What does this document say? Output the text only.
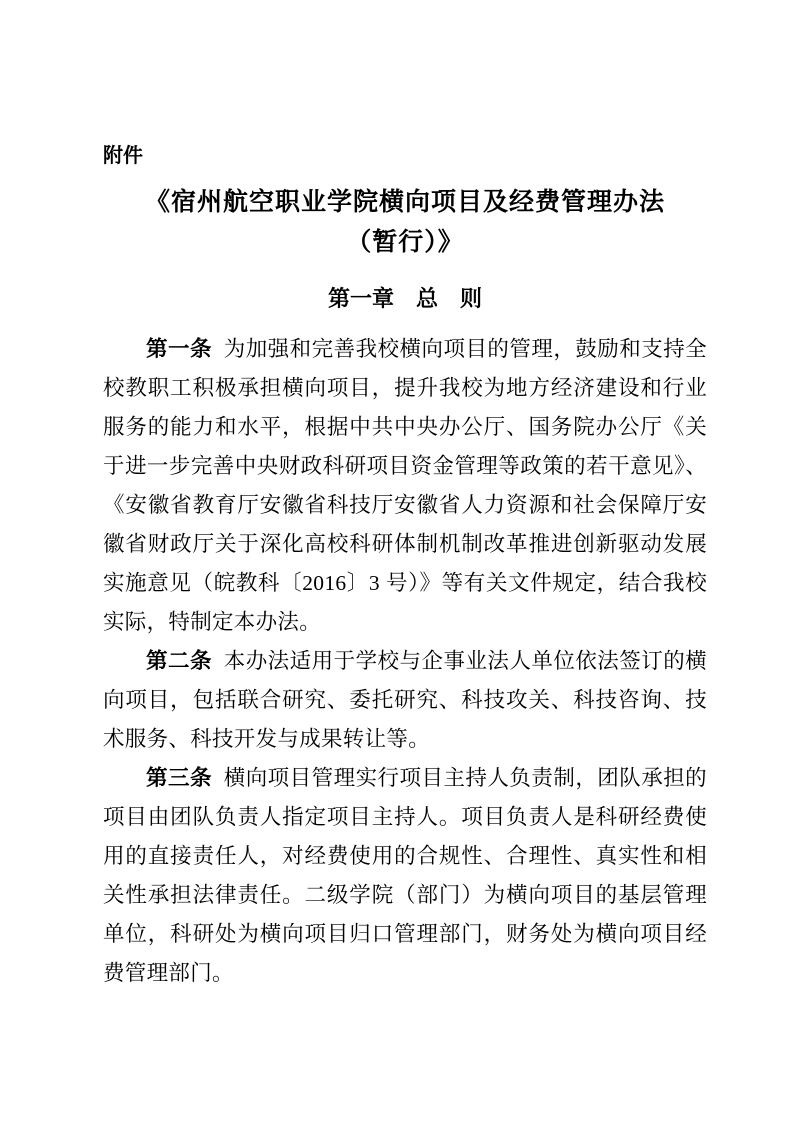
附件
《宿州航空职业学院横向项目及经费管理办法
（暂行）》
第一章　总　则

第一条 为加强和完善我校横向项目的管理，鼓励和支持全校教职工积极承担横向项目，提升我校为地方经济建设和行业服务的能力和水平，根据中共中央办公厅、国务院办公厅《关于进一步完善中央财政科研项目资金管理等政策的若干意见》、《安徽省教育厅安徽省科技厅安徽省人力资源和社会保障厅安徽省财政厅关于深化高校科研体制机制改革推进创新驱动发展实施意见（皖教科〔2016〕3 号）》等有关文件规定，结合我校实际，特制定本办法。

第二条 本办法适用于学校与企事业法人单位依法签订的横向项目，包括联合研究、委托研究、科技攻关、科技咨询、技术服务、科技开发与成果转让等。

第三条 横向项目管理实行项目主持人负责制，团队承担的项目由团队负责人指定项目主持人。项目负责人是科研经费使用的直接责任人，对经费使用的合规性、合理性、真实性和相关性承担法律责任。二级学院（部门）为横向项目的基层管理单位，科研处为横向项目归口管理部门，财务处为横向项目经费管理部门。
